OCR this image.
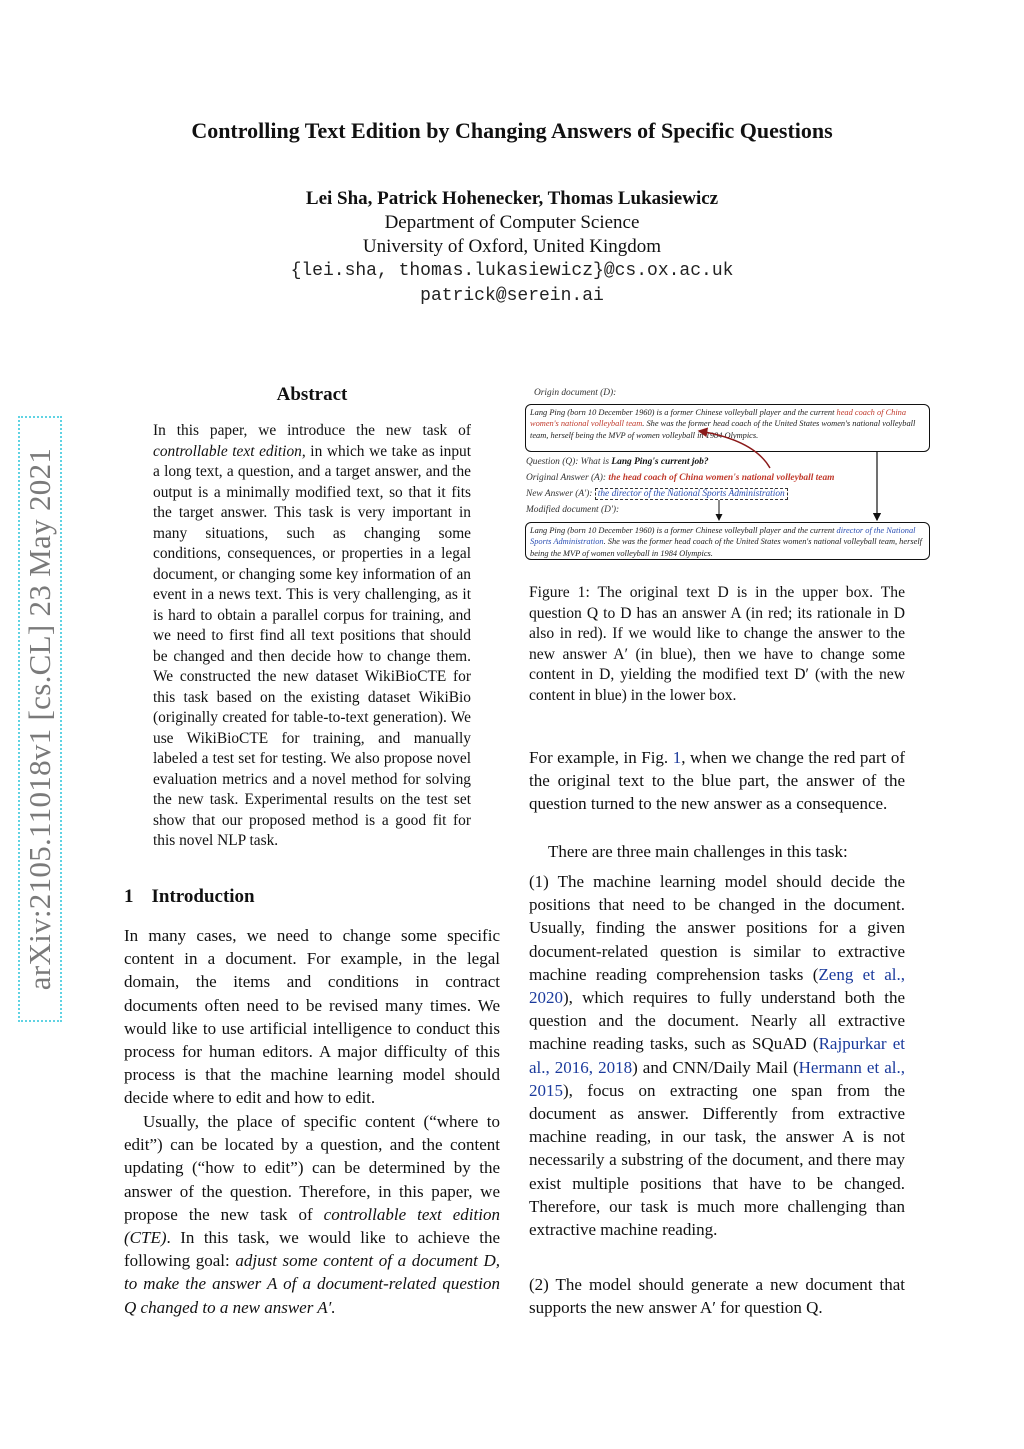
Controlling Text Edition by Changing Answers of Specific Questions
Lei Sha, Patrick Hohenecker, Thomas Lukasiewicz
Department of Computer Science
University of Oxford, United Kingdom
{lei.sha, thomas.lukasiewicz}@cs.ox.ac.uk
patrick@serein.ai
arXiv:2105.11018v1 [cs.CL] 23 May 2021
Abstract
In this paper, we introduce the new task of controllable text edition, in which we take as input a long text, a question, and a target answer, and the output is a minimally modified text, so that it fits the target answer. This task is very important in many situations, such as changing some conditions, consequences, or properties in a legal document, or changing some key information of an event in a news text. This is very challenging, as it is hard to obtain a parallel corpus for training, and we need to first find all text positions that should be changed and then decide how to change them. We constructed the new dataset WikiBioCTE for this task based on the existing dataset WikiBio (originally created for table-to-text generation). We use WikiBioCTE for training, and manually labeled a test set for testing. We also propose novel evaluation metrics and a novel method for solving the new task. Experimental results on the test set show that our proposed method is a good fit for this novel NLP task.
1 Introduction
In many cases, we need to change some specific content in a document. For example, in the legal domain, the items and conditions in contract documents often need to be revised many times. We would like to use artificial intelligence to conduct this process for human editors. A major difficulty of this process is that the machine learning model should decide where to edit and how to edit.
Usually, the place of specific content (“where to edit”) can be located by a question, and the content updating (“how to edit”) can be determined by the answer of the question. Therefore, in this paper, we propose the new task of controllable text edition (CTE). In this task, we would like to achieve the following goal: adjust some content of a document D, to make the answer A of a document-related question Q changed to a new answer A′.
Origin document (D):
Lang Ping (born 10 December 1960) is a former Chinese volleyball player and the current head coach of China women's national volleyball team. She was the former head coach of the United States women's national volleyball team, herself being the MVP of women volleyball in 1984 Olympics.
Question (Q): What is Lang Ping's current job?
Original Answer (A): the head coach of China women's national volleyball team
New Answer (A'): the director of the National Sports Administration
Modified document (D'):
Lang Ping (born 10 December 1960) is a former Chinese volleyball player and the current director of the National Sports Administration. She was the former head coach of the United States women's national volleyball team, herself being the MVP of women volleyball in 1984 Olympics.
Figure 1: The original text D is in the upper box. The question Q to D has an answer A (in red; its rationale in D also in red). If we would like to change the answer to the new answer A′ (in blue), then we have to change some content in D, yielding the modified text D′ (with the new content in blue) in the lower box.
For example, in Fig. 1, when we change the red part of the original text to the blue part, the answer of the question turned to the new answer as a consequence.
There are three main challenges in this task:
(1) The machine learning model should decide the positions that need to be changed in the document. Usually, finding the answer positions for a given document-related question is similar to extractive machine reading comprehension tasks (Zeng et al., 2020), which requires to fully understand both the question and the document. Nearly all extractive machine reading tasks, such as SQuAD (Rajpurkar et al., 2016, 2018) and CNN/Daily Mail (Hermann et al., 2015), focus on extracting one span from the document as answer. Differently from extractive machine reading, in our task, the answer A is not necessarily a substring of the document, and there may exist multiple positions that have to be changed. Therefore, our task is much more challenging than extractive machine reading.
(2) The model should generate a new document that supports the new answer A′ for question Q.
